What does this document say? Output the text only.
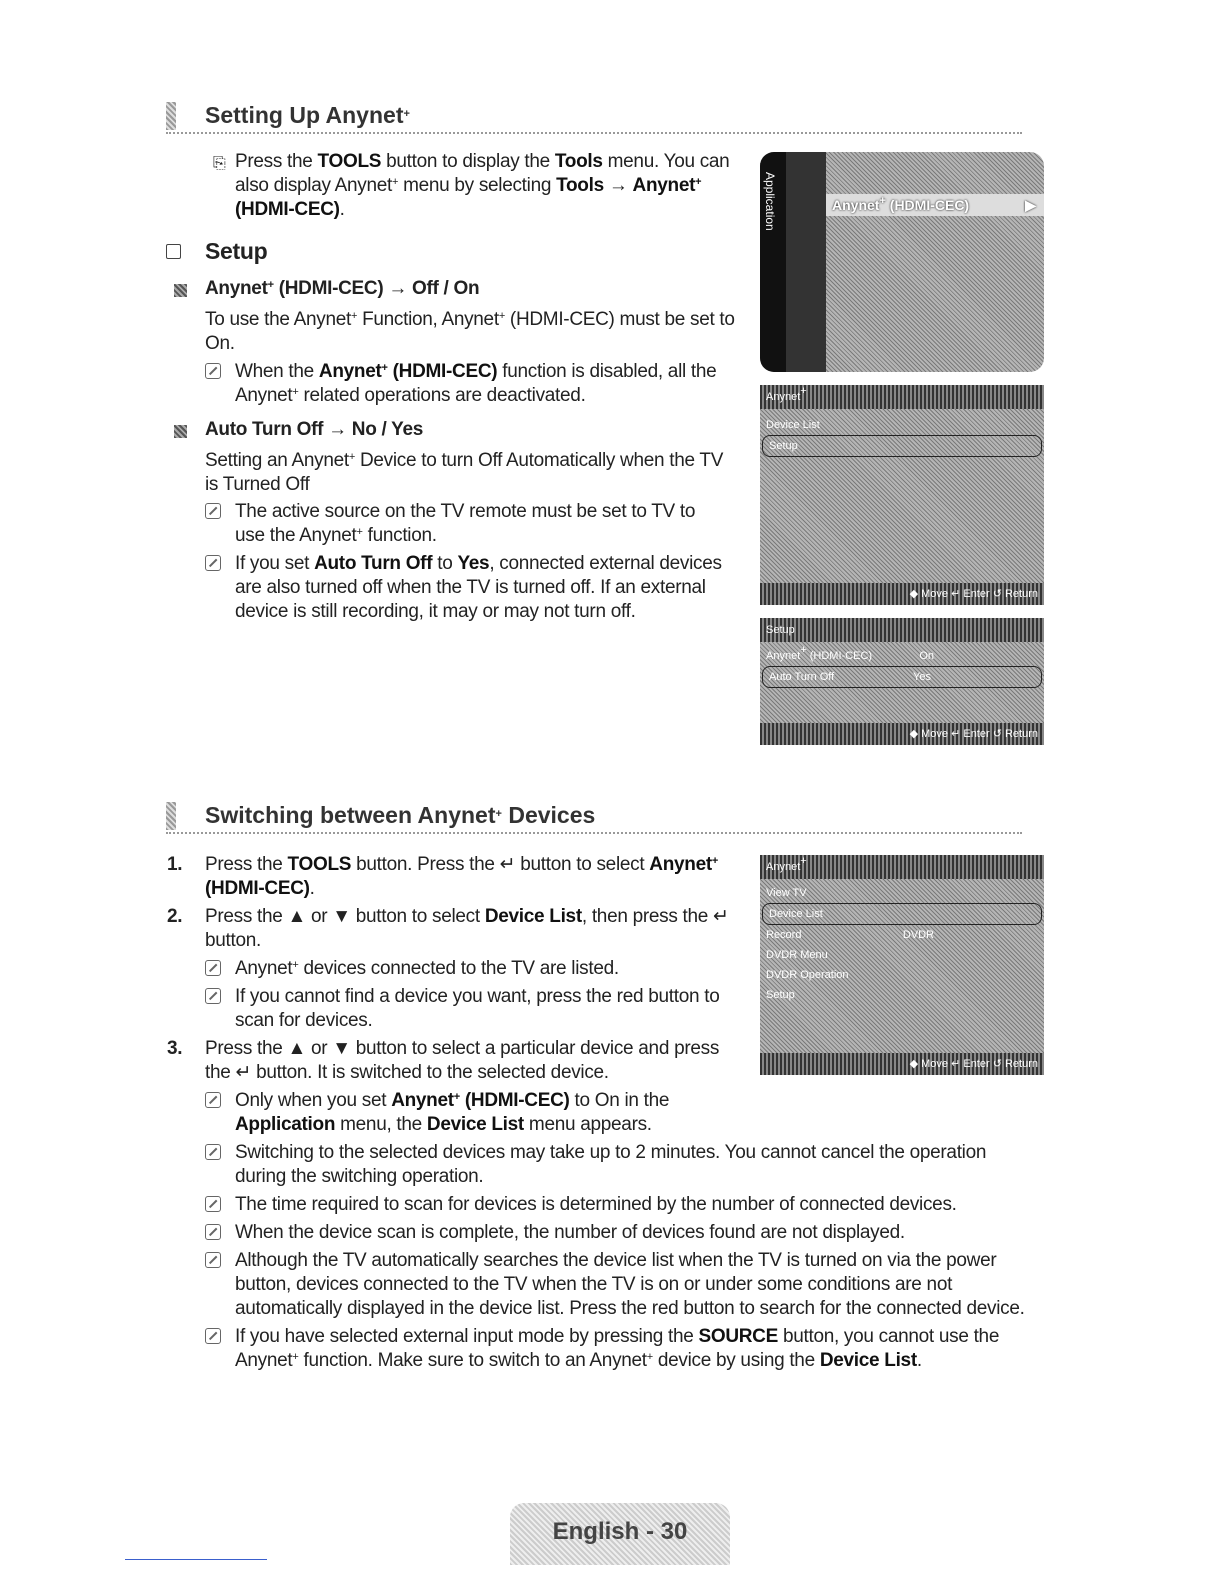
Setting Up Anynet+
⎘ Press the TOOLS button to display the Tools menu. You can also display Anynet+ menu by selecting Tools → Anynet+ (HDMI-CEC).
Setup
Anynet+ (HDMI-CEC) → Off / On
To use the Anynet+ Function, Anynet+ (HDMI-CEC) must be set to On.
When the Anynet+ (HDMI-CEC) function is disabled, all the Anynet+ related operations are deactivated.
Auto Turn Off → No / Yes
Setting an Anynet+ Device to turn Off Automatically when the TV is Turned Off
The active source on the TV remote must be set to TV to use the Anynet+ function.
If you set Auto Turn Off to Yes, connected external devices are also turned off when the TV is turned off. If an external device is still recording, it may or may not turn off.
Application	Anynet+ (HDMI-CEC)	▶
Anynet+
Device List
Setup
◆ Move ↵ Enter ↺ Return
Setup
Anynet+ (HDMI-CEC)	On
Auto Turn Off	Yes
◆ Move ↵ Enter ↺ Return
Anynet+
View TV
Device List
Record	DVDR
DVDR Menu
DVDR Operation
Setup
◆ Move ↵ Enter ↺ Return
Switching between Anynet+ Devices
1. Press the TOOLS button. Press the ↵ button to select Anynet+ (HDMI-CEC).
2. Press the ▲ or ▼ button to select Device List, then press the ↵ button.
Anynet+ devices connected to the TV are listed.
If you cannot find a device you want, press the red button to scan for devices.
3. Press the ▲ or ▼ button to select a particular device and press the ↵ button. It is switched to the selected device.
Only when you set Anynet+ (HDMI-CEC) to On in the Application menu, the Device List menu appears.
Switching to the selected devices may take up to 2 minutes. You cannot cancel the operation during the switching operation.
The time required to scan for devices is determined by the number of connected devices.
When the device scan is complete, the number of devices found are not displayed.
Although the TV automatically searches the device list when the TV is turned on via the power button, devices connected to the TV when the TV is on or under some conditions are not automatically displayed in the device list. Press the red button to search for the connected device.
If you have selected external input mode by pressing the SOURCE button, you cannot use the Anynet+ function. Make sure to switch to an Anynet+ device by using the Device List.
English - 30
